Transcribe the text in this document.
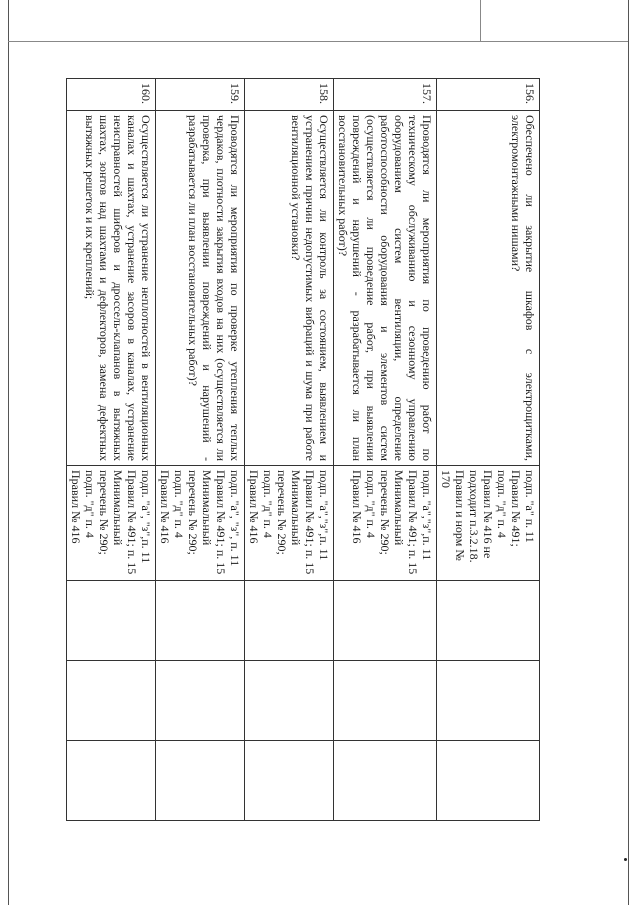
156.	Обеспечено ли закрытие шкафов с электрощитками, электромонтажными нишами?	подп. "а" п. 11 Правил № 491; подп. "д" п. 4 Правил № 416 не подходит п.3.2.18. Правил и норм № 170			
157.	Проводятся ли мероприятия по проведению работ по техническому обслуживанию и сезонному управлению оборудованием систем вентиляции, определение работоспособности оборудования и элементов систем (осуществляется ли проведение работ, при выявлении повреждений и нарушений - разрабатывается ли план восстановительных работ)?	подп. "а","з",п. 11 Правил № 491; п. 15 Минимальный перечень № 290; подп. "д" п. 4 Правил № 416			
158.	Осуществляется ли контроль за состоянием, выявлением и устранением причин недопустимых вибраций и шума при работе вентиляционной установки?	подп. "а","з",п. 11 Правил № 491; п. 15 Минимальный перечень № 290; подп. "д" п. 4 Правил № 416			
159.	Проводятся ли мероприятия по проверке утепления теплых чердаков, плотности закрытия входов на них (осуществляется ли проверка, при выявлении повреждений и нарушений - разрабатывается ли план восстановительных работ)?	подп. "а", "з", п. 11 Правил № 491; п. 15 Минимальный перечень № 290; подп. "д" п. 4 Правил № 416			
160.	Осуществляется ли устранение неплотностей в вентиляционных каналах и шахтах, устранение засоров в каналах, устранение неисправностей шиберов и дроссель-клапанов в вытяжных шахтах, зонтов над шахтами и дефлекторов, замена дефектных вытяжных решеток и их креплений;	подп. "а", "з",п. 11 Правил № 491; п. 15 Минимальный перечень № 290; подп. "д" п. 4 Правил № 416			
